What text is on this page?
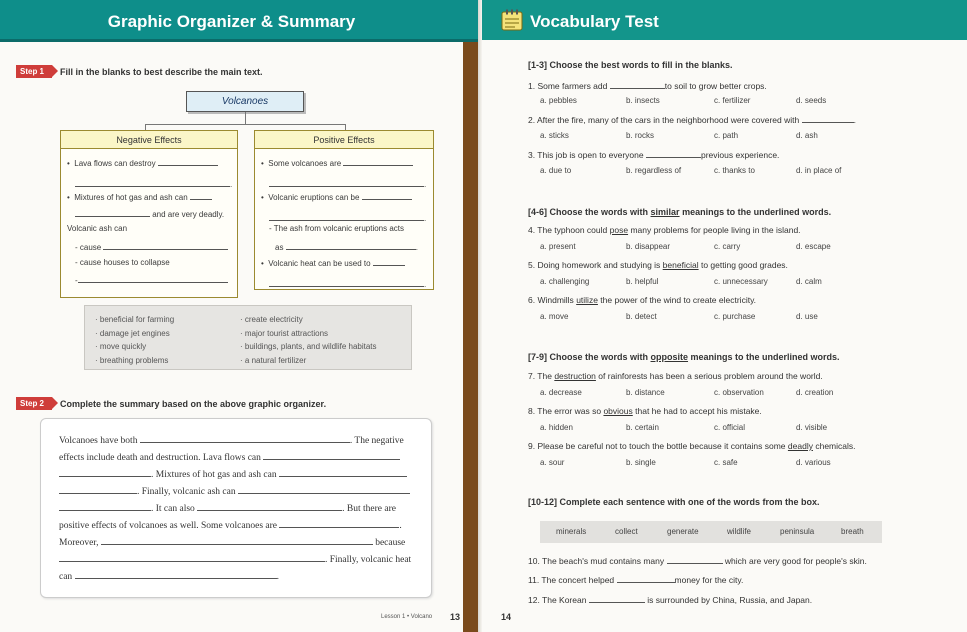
Graphic Organizer & Summary
Step 1	Fill in the blanks to best describe the main text.
Volcanoes
Negative Effects
•  Lava flows can destroy
.
•  Mixtures of hot gas and ash can
and are very deadly.
Volcanic ash can
- cause
- cause houses to collapse
-
Positive Effects
•  Some volcanoes are
.
•  Volcanic eruptions can be
.
- The ash from volcanic eruptions acts
as	.
•  Volcanic heat can be used to
.
· beneficial for farming
· damage jet engines
· move quickly
· breathing problems
· create electricity
· major tourist attractions
· buildings, plants, and wildlife habitats
· a natural fertilizer
Step 2	Complete the summary based on the above graphic organizer.
Volcanoes have both	. The negative
effects include death and destruction. Lava flows can
. Mixtures of hot gas and ash can
. Finally, volcanic ash can
. It can also	. But there are
positive effects of volcanoes as well. Some volcanoes are	.
Moreover,	because
. Finally, volcanic heat
can	.
Lesson 1 • Volcano 13
Vocabulary Test
[1-3] Choose the best words to fill in the blanks.
1. Some farmers add	to soil to grow better crops.
a. pebbles	b. insects	c. fertilizer	d. seeds
2. After the fire, many of the cars in the neighborhood were covered with	.
a. sticks	b. rocks	c. path	d. ash
3. This job is open to everyone	previous experience.
a. due to	b. regardless of	c. thanks to	d. in place of
[4-6] Choose the words with similar meanings to the underlined words.
4. The typhoon could pose many problems for people living in the island.
a. present	b. disappear	c. carry	d. escape
5. Doing homework and studying is beneficial to getting good grades.
a. challenging	b. helpful	c. unnecessary	d. calm
6. Windmills utilize the power of the wind to create electricity.
a. move	b. detect	c. purchase	d. use
[7-9] Choose the words with opposite meanings to the underlined words.
7. The destruction of rainforests has been a serious problem around the world.
a. decrease	b. distance	c. observation	d. creation
8. The error was so obvious that he had to accept his mistake.
a. hidden	b. certain	c. official	d. visible
9. Please be careful not to touch the bottle because it contains some deadly chemicals.
a. sour	b. single	c. safe	d. various
[10-12] Complete each sentence with one of the words from the box.
minerals	collect	generate	wildlife	peninsula	breath
10. The beach's mud contains many	which are very good for people's skin.
11. The concert helped	money for the city.
12. The Korean	is surrounded by China, Russia, and Japan.
14
